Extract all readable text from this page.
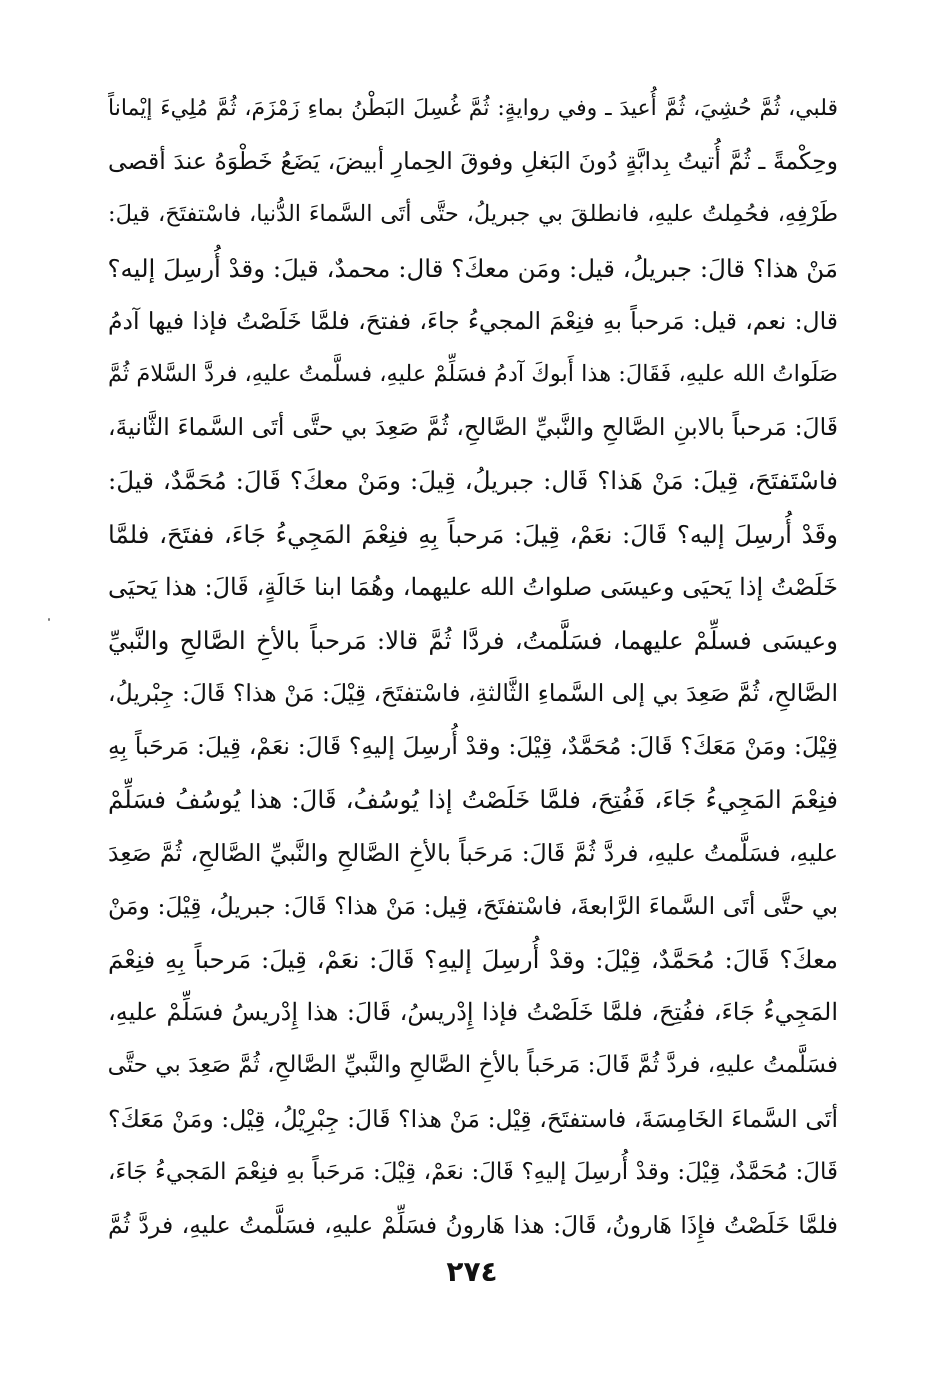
قلبي، ثُمَّ حُشِيَ، ثُمَّ أُعيدَ ـ وفي روايةٍ: ثُمَّ غُسِلَ البَطْنُ بماءِ زَمْزَمَ، ثُمَّ مُلِيءَ إيْماناً
وحِكْمةً ـ ثُمَّ أُتيتُ بِدابَّةٍ دُونَ البَغلِ وفوقَ الحِمارِ أبيضَ، يَضَعُ خَطْوَهُ عندَ أقصى
طَرْفِهِ، فحُمِلتُ عليهِ، فانطلقَ بي جبريلُ، حتَّى أتَى السَّماءَ الدُّنيا، فاسْتفتَحَ، قيلَ:
مَنْ هذا؟ قالَ: جبريلُ، قيل: ومَن معكَ؟ قال: محمدٌ، قيلَ: وقدْ أُرسِلَ إليه؟
قال: نعم، قيل: مَرحباً بهِ فنِعْمَ المجيءُ جاءَ، ففتحَ، فلمَّا خَلَصْتُ فإذا فيها آدمُ
صَلَواتُ الله عليهِ، فَقَالَ: هذا أَبوكَ آدمُ فسَلِّمْ عليهِ، فسلَّمتُ عليهِ، فردَّ السَّلامَ ثُمَّ
قَالَ: مَرحباً بالابنِ الصَّالحِ والنَّبيِّ الصَّالحِ، ثُمَّ صَعِدَ بي حتَّى أتَى السَّماءَ الثَّانيةَ،
فاسْتَفتَحَ، قِيلَ: مَنْ هَذا؟ قَال: جبريلُ، قِيلَ: ومَنْ معكَ؟ قَالَ: مُحَمَّدٌ، قيلَ:
وقَدْ أُرسِلَ إليه؟ قَالَ: نعَمْ، قِيلَ: مَرحباً بِهِ فنِعْمَ المَجِيءُ جَاءَ، ففتَحَ، فلمَّا
خَلَصْتُ إذا يَحيَى وعيسَى صلواتُ الله عليهما، وهُمَا ابنا خَالَةٍ، قَالَ: هذا يَحيَى
وعيسَى فسلِّمْ عليهما، فسَلَّمتُ، فردَّا ثُمَّ قالا: مَرحباً بالأخِ الصَّالحِ والنَّبيِّ
الصَّالحِ، ثُمَّ صَعِدَ بي إلى السَّماءِ الثَّالثةِ، فاسْتفتَحَ، قِيْلَ: مَنْ هذا؟ قَالَ: جِبْريلُ،
قِيْلَ: ومَنْ مَعَكَ؟ قَالَ: مُحَمَّدٌ، قِيْلَ: وقدْ أُرسِلَ إليهِ؟ قَالَ: نعَمْ، قِيلَ: مَرحَباً بِهِ
فنِعْمَ المَجِيءُ جَاءَ، فَفُتِحَ، فلمَّا خَلَصْتُ إذا يُوسُفُ، قَالَ: هذا يُوسُفُ فسَلِّمْ
عليهِ، فسَلَّمتُ عليهِ، فردَّ ثُمَّ قَالَ: مَرحَباً بالأخِ الصَّالحِ والنَّبيِّ الصَّالحِ، ثُمَّ صَعِدَ
بي حتَّى أتَى السَّماءَ الرَّابعةَ، فاسْتفتَحَ، قِيل: مَنْ هذا؟ قَالَ: جبريلُ، قِيْلَ: ومَنْ
معكَ؟ قَالَ: مُحَمَّدٌ، قِيْلَ: وقدْ أُرسِلَ إليهِ؟ قَالَ: نعَمْ، قِيلَ: مَرحباً بِهِ فنِعْمَ
المَجِيءُ جَاءَ، ففُتِحَ، فلمَّا خَلَصْتُ فإذا إِدْريسُ، قَالَ: هذا إِدْريسُ فسَلِّمْ عليهِ،
فسَلَّمتُ عليهِ، فردَّ ثُمَّ قَالَ: مَرحَباً بالأخِ الصَّالحِ والنَّبيِّ الصَّالحِ، ثُمَّ صَعِدَ بي حتَّى
أتَى السَّماءَ الخَامِسَةَ، فاستفتَحَ، قِيْل: مَنْ هذا؟ قَالَ: جِبْرِيْلُ، قِيْل: ومَنْ مَعَكَ؟
قَالَ: مُحَمَّدٌ، قِيْلَ: وقدْ أُرسِلَ إليهِ؟ قَالَ: نعَمْ، قِيْلَ: مَرحَباً بهِ فنِعْمَ المَجيءُ جَاءَ،
فلمَّا خَلَصْتُ فإِذَا هَارونُ، قَالَ: هذا هَارونُ فسَلِّمْ عليهِ، فسَلَّمتُ عليهِ، فردَّ ثُمَّ
٢٧٤
